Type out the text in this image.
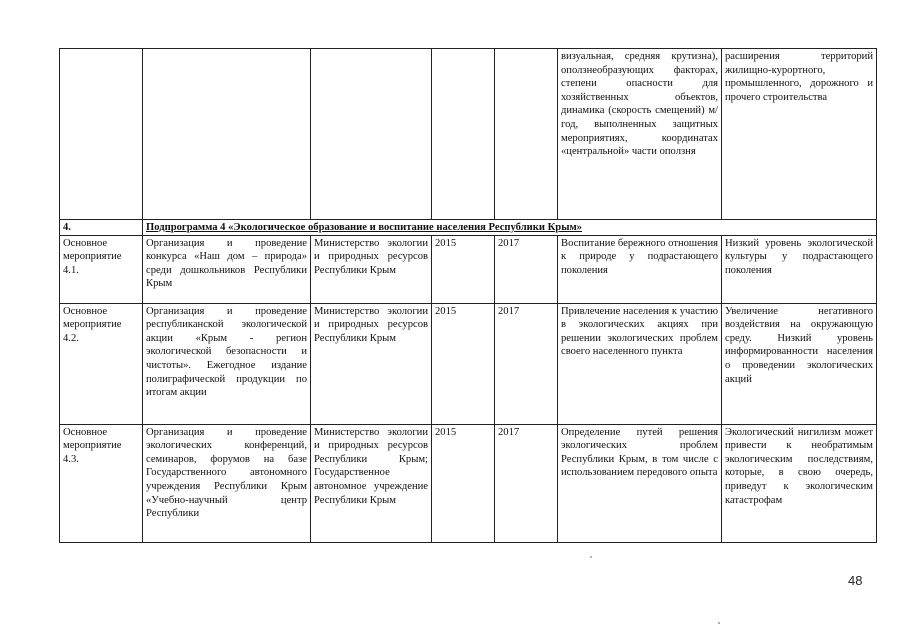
					визуальная, средняя крутизна), оползнеобразующих факторах, степени опасности для хозяйственных объектов, динамика (скорость смещений) м/год, выполненных защитных мероприятиях, координатах «центральной» части оползня	расширения территорий жилищно-курортного, промышленного, дорожного и прочего строительства
4.	Подпрограмма 4 «Экологическое образование и воспитание населения Республики Крым»					
Основное мероприятие 4.1.	Организация и проведение конкурса «Наш дом – природа» среди дошкольников Республики Крым	Министерство экологии и природных ресурсов Республики Крым	2015	2017	Воспитание бережного отношения к природе у подрастающего поколения	Низкий уровень экологической культуры у подрастающего поколения
Основное мероприятие 4.2.	Организация и проведение республиканской экологической акции «Крым - регион экологической безопасности и чистоты». Ежегодное издание полиграфической продукции по итогам акции	Министерство экологии и природных ресурсов Республики Крым	2015	2017	Привлечение населения к участию в экологических акциях при решении экологических проблем своего населенного пункта	Увеличение негативного воздействия на окружающую среду. Низкий уровень информированности населения о проведении экологических акций
Основное мероприятие 4.3.	Организация и проведение экологических конференций, семинаров, форумов на базе Государственного автономного учреждения Республики Крым «Учебно-научный центр Республики	Министерство экологии и природных ресурсов Республики Крым; Государственное автономное учреждение Республики Крым	2015	2017	Определение путей решения экологических проблем Республики Крым, в том числе с использованием передового опыта	Экологический нигилизм может привести к необратимым экологическим последствиям, которые, в свою очередь, приведут к экологическим катастрофам
48
